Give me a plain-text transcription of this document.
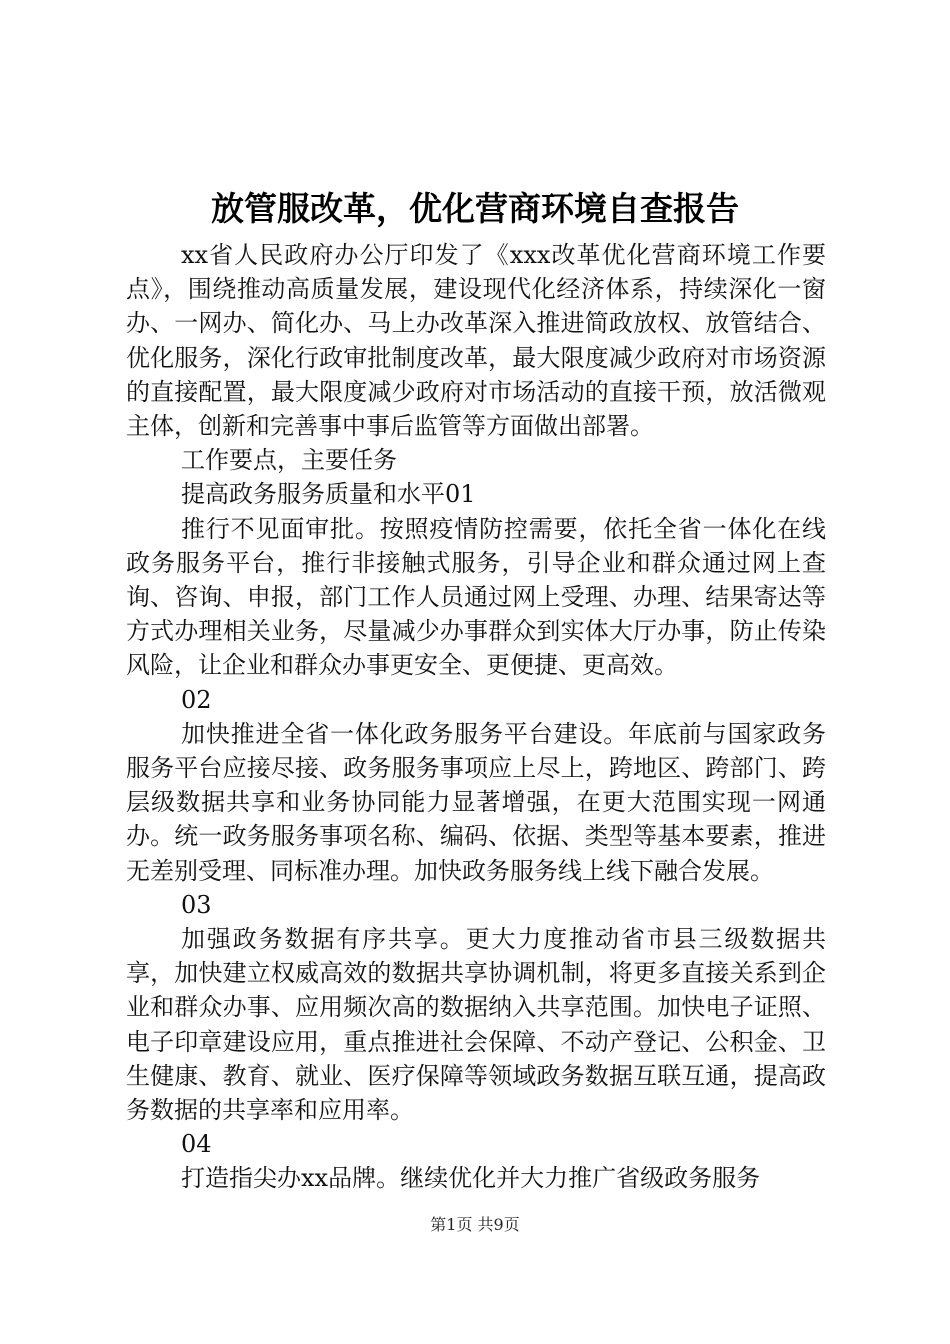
放管服改革，优化营商环境自查报告

xx省人民政府办公厅印发了《xxx改革优化营商环境工作要点》，围绕推动高质量发展，建设现代化经济体系，持续深化一窗办、一网办、简化办、马上办改革深入推进简政放权、放管结合、优化服务，深化行政审批制度改革，最大限度减少政府对市场资源的直接配置，最大限度减少政府对市场活动的直接干预，放活微观主体，创新和完善事中事后监管等方面做出部署。

工作要点，主要任务

提高政务服务质量和水平01

推行不见面审批。按照疫情防控需要，依托全省一体化在线政务服务平台，推行非接触式服务，引导企业和群众通过网上查询、咨询、申报，部门工作人员通过网上受理、办理、结果寄达等方式办理相关业务，尽量减少办事群众到实体大厅办事，防止传染风险，让企业和群众办事更安全、更便捷、更高效。

02

加快推进全省一体化政务服务平台建设。年底前与国家政务服务平台应接尽接、政务服务事项应上尽上，跨地区、跨部门、跨层级数据共享和业务协同能力显著增强，在更大范围实现一网通办。统一政务服务事项名称、编码、依据、类型等基本要素，推进无差别受理、同标准办理。加快政务服务线上线下融合发展。

03

加强政务数据有序共享。更大力度推动省市县三级数据共享，加快建立权威高效的数据共享协调机制，将更多直接关系到企业和群众办事、应用频次高的数据纳入共享范围。加快电子证照、电子印章建设应用，重点推进社会保障、不动产登记、公积金、卫生健康、教育、就业、医疗保障等领域政务数据互联互通，提高政务数据的共享率和应用率。

04

打造指尖办xx品牌。继续优化并大力推广省级政务服务

第1页 共9页
